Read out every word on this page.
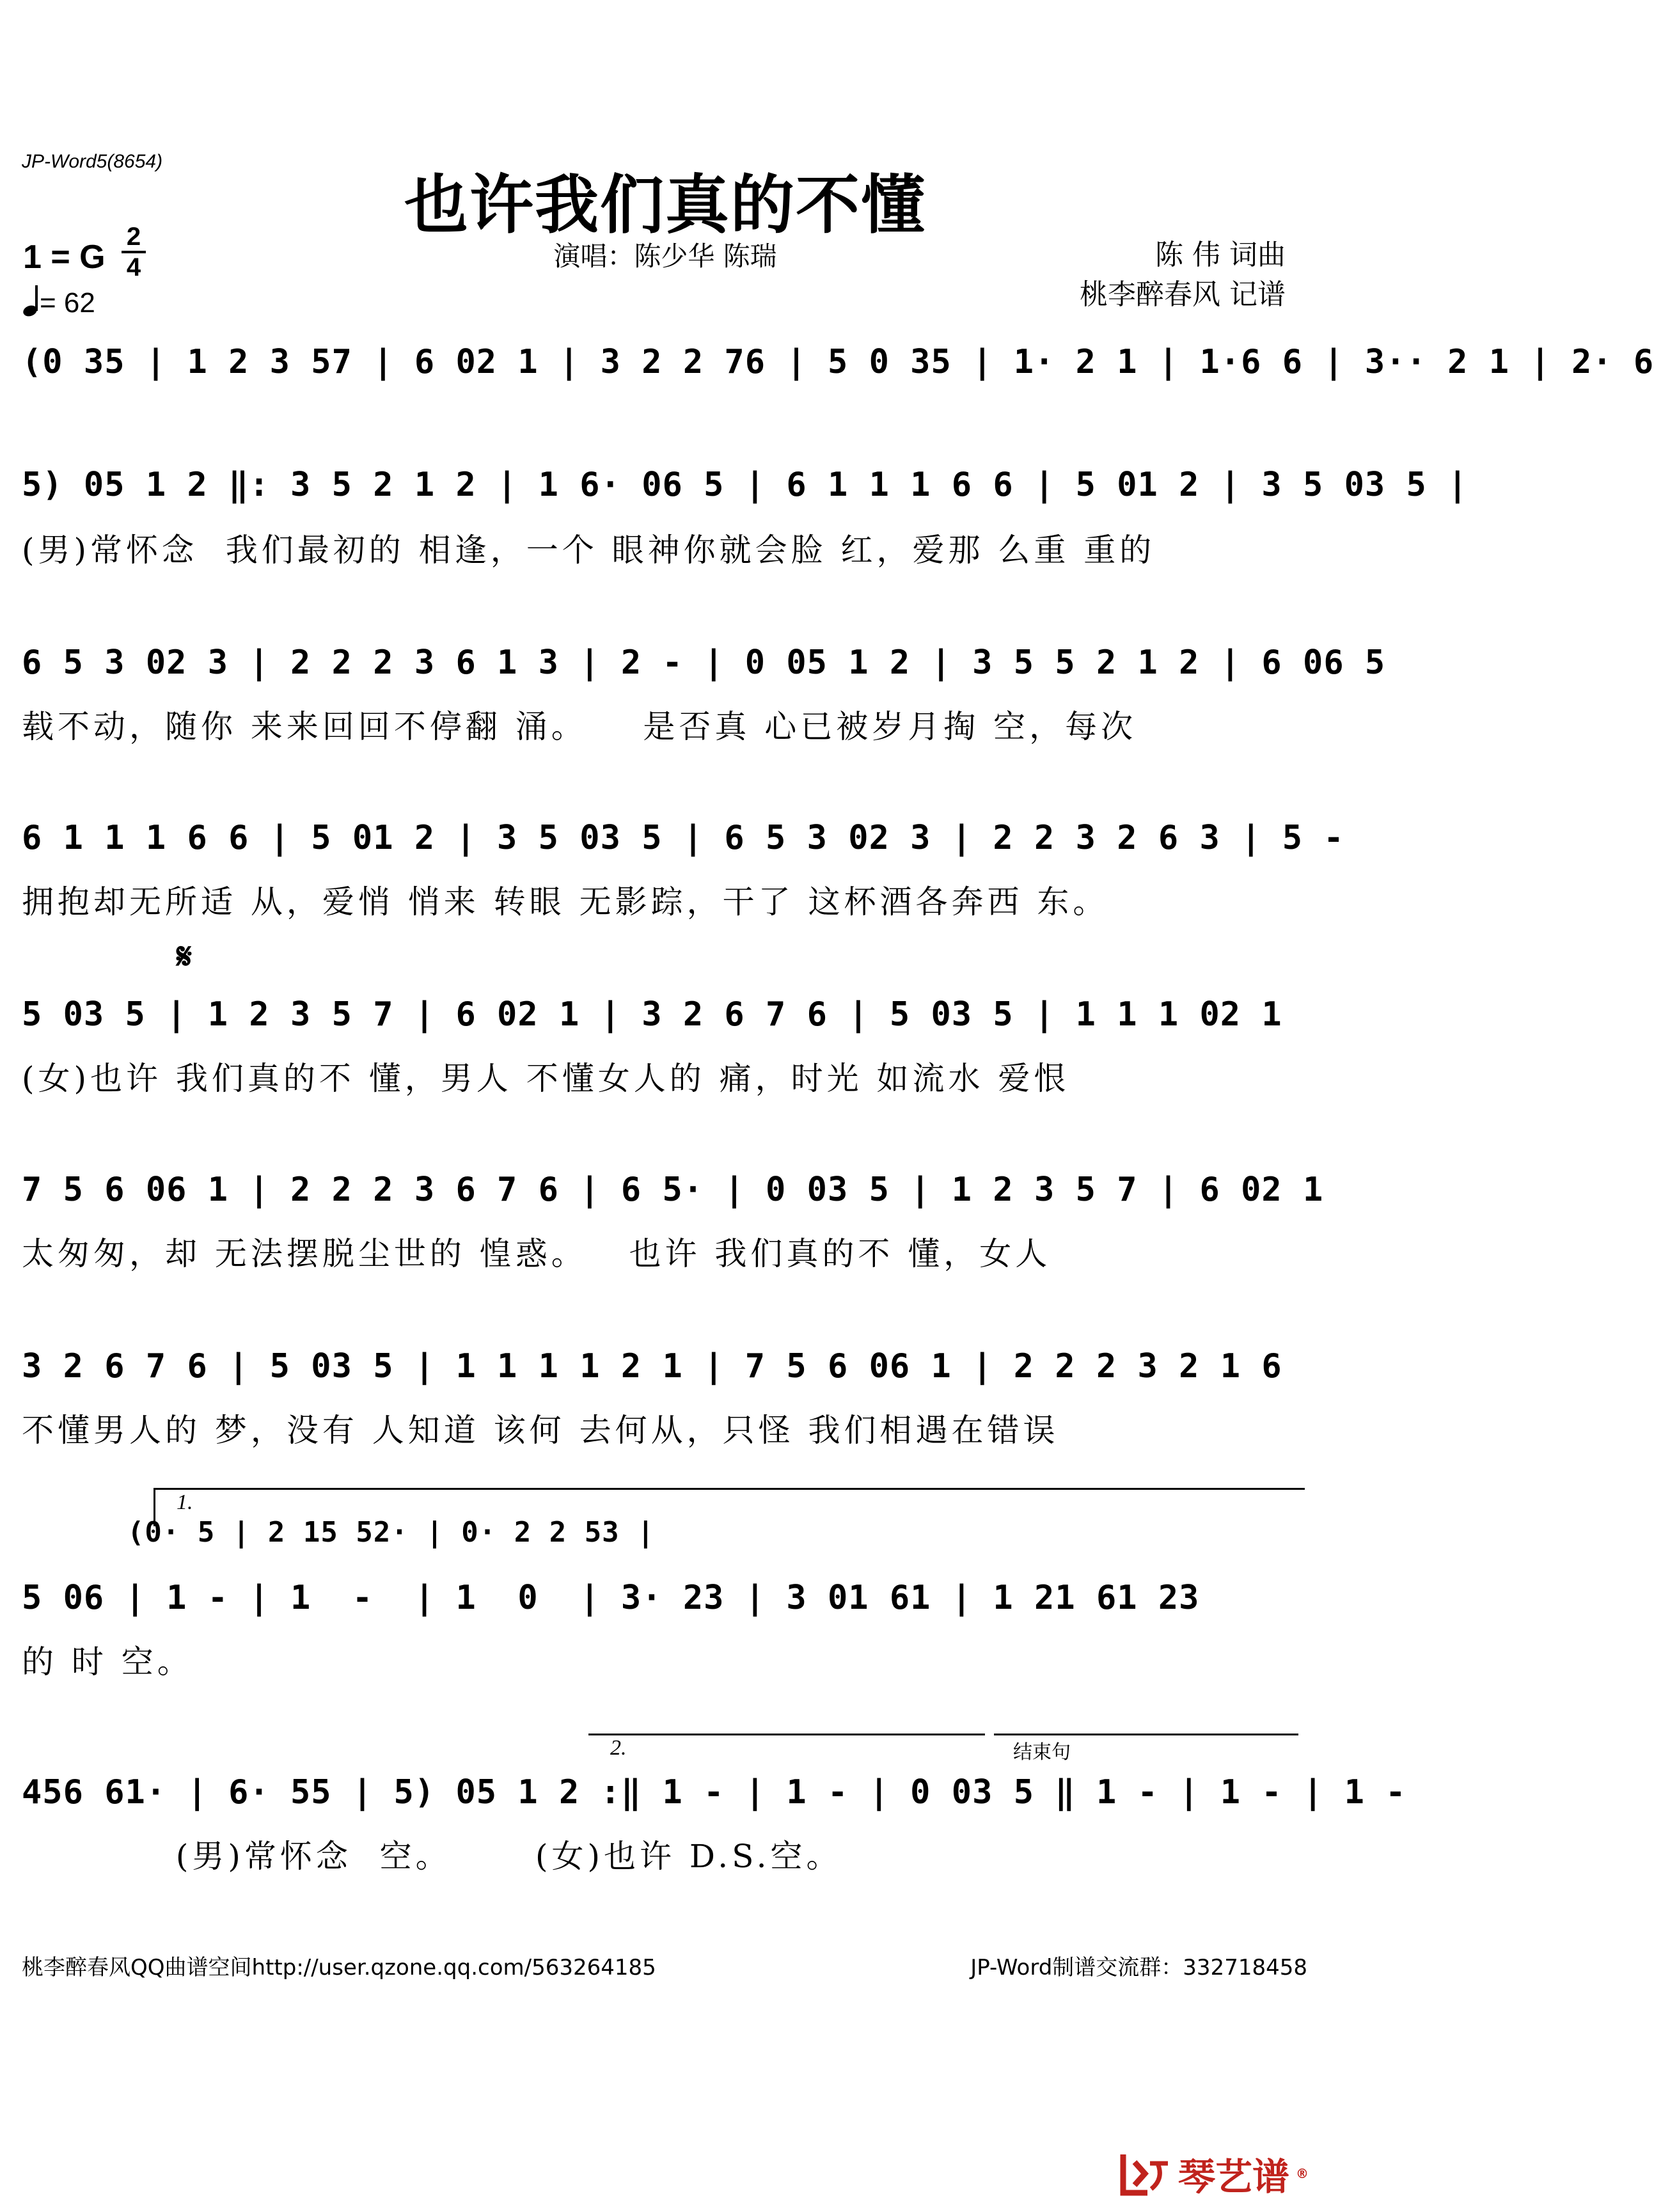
JP-Word5(8654)
也许我们真的不懂
演唱：陈少华 陈瑞
1 = G
2
4
= 62
陈 伟 词曲
桃李醉春风 记谱
(0 35 | 1 2 3 57 | 6 02 1 | 3 2 2 76 | 5 0 35 | 1· 2 1 | 1·6 6 | 3·· 2 1 | 2· 6
5) 05 1 2 ‖: 3 5 2 1 2 | 1 6· 06 5 | 6 1 1 1 6 6 | 5 01 2 | 3 5 03 5 |
(男)常怀念  我们最初的 相逢，一个 眼神你就会脸 红，爱那 么重 重的
6 5 3 02 3 | 2 2 2 3 6 1 3 | 2 - | 0 05 1 2 | 3 5 5 2 1 2 | 6 06 5
载不动，随你 来来回回不停翻 涌。    是否真 心已被岁月掏 空，每次
6 1 1 1 6 6 | 5 01 2 | 3 5 03 5 | 6 5 3 02 3 | 2 2 3 2 6 3 | 5 -
拥抱却无所适 从，爱悄 悄来 转眼 无影踪，干了 这杯酒各奔西 东。
𝄋
5 03 5 | 1 2 3 5 7 | 6 02 1 | 3 2 6 7 6 | 5 03 5 | 1 1 1 02 1
(女)也许 我们真的不 懂，男人 不懂女人的 痛，时光 如流水 爱恨
7 5 6 06 1 | 2 2 2 3 6 7 6 | 6 5· | 0 03 5 | 1 2 3 5 7 | 6 02 1
太匆匆，却 无法摆脱尘世的 惶惑。   也许 我们真的不 懂，女人
3 2 6 7 6 | 5 03 5 | 1 1 1 1 2 1 | 7 5 6 06 1 | 2 2 2 3 2 1 6
不懂男人的 梦，没有 人知道 该何 去何从，只怪 我们相遇在错误
1.
(0· 5 | 2 15 52· | 0· 2 2 53 |
5 06 | 1 - | 1  -  | 1  0  | 3· 23 | 3 01 61 | 1 21 61 23
的 时 空。
2.	结束句
456 61· | 6· 55 | 5) 05 1 2 :‖ 1 - | 1 - | 0 03 5 ‖ 1 - | 1 - | 1 -
(男)常怀念  空。      (女)也许 D.S.空。
桃李醉春风QQ曲谱空间http://user.qzone.qq.com/563264185	JP-Word制谱交流群：332718458
琴艺谱 ®
